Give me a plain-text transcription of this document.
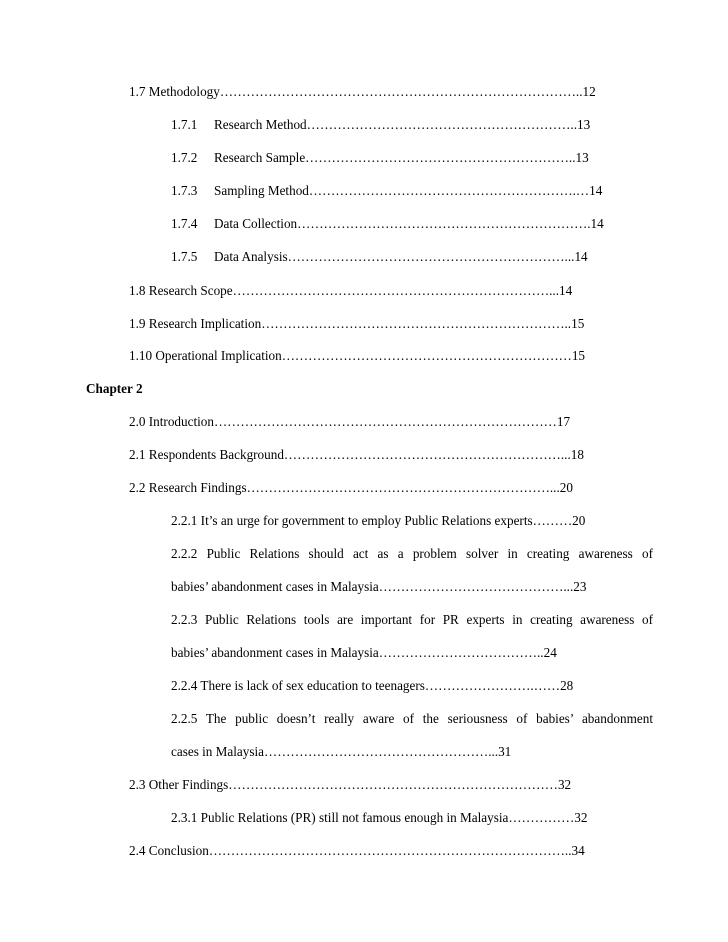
1.7 Methodology………………………………………………………………………..12
1.7.1 Research Method……………………………………………………..13
1.7.2 Research Sample……………………………………………………..13
1.7.3 Sampling Method…………………………………………………….…14
1.7.4 Data Collection………………………………………………………….14
1.7.5 Data Analysis………………………………………………………...14
1.8 Research Scope………………………………………………………………...14
1.9 Research Implication……………………………………………………………..15
1.10 Operational Implication…………………………………………………………15
Chapter 2
2.0 Introduction……………………………………………………………………17
2.1 Respondents Background………………………………………………………...18
2.2 Research Findings……………………………………………………………...20
2.2.1 It’s an urge for government to employ Public Relations experts………20
2.2.2 Public Relations should act as a problem solver in creating awareness of
babies’ abandonment cases in Malaysia……………………………………...23
2.2.3 Public Relations tools are important for PR experts in creating awareness of
babies’ abandonment cases in Malaysia………………………………..24
2.2.4 There is lack of sex education to teenagers…………………….……28
2.2.5 The public doesn’t really aware of the seriousness of babies’ abandonment
cases in Malaysia……………………………………………...31
2.3 Other Findings…………………………………………………………………32
2.3.1 Public Relations (PR) still not famous enough in Malaysia……………32
2.4 Conclusion………………………………………………………………………..34
